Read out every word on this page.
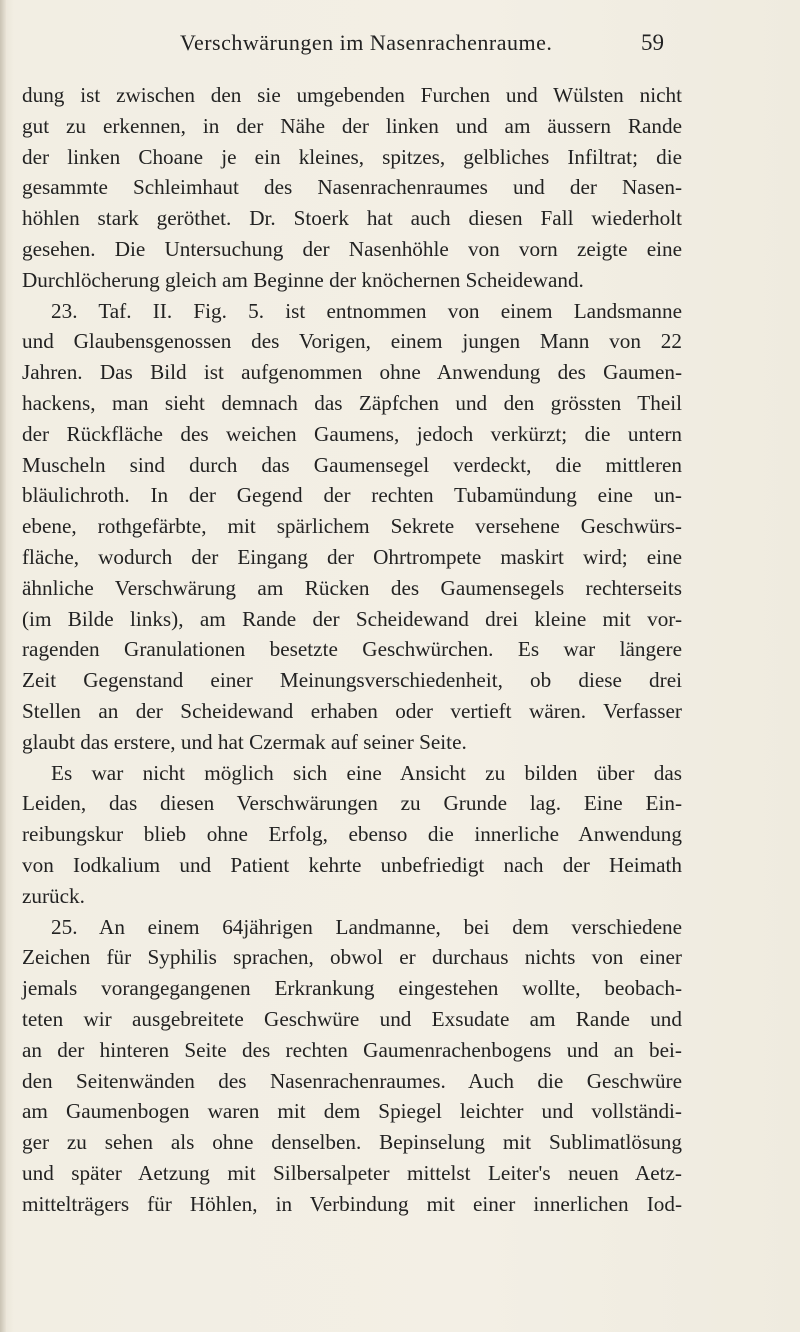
Verschwärungen im Nasenrachenraume.	59
dung ist zwischen den sie umgebenden Furchen und Wülsten nicht
gut zu erkennen, in der Nähe der linken und am äussern Rande
der linken Choane je ein kleines, spitzes, gelbliches Infiltrat; die
gesammte Schleimhaut des Nasenrachenraumes und der Nasen-
höhlen stark geröthet. Dr. Stoerk hat auch diesen Fall wiederholt
gesehen. Die Untersuchung der Nasenhöhle von vorn zeigte eine
Durchlöcherung gleich am Beginne der knöchernen Scheidewand.
23. Taf. II. Fig. 5. ist entnommen von einem Landsmanne
und Glaubensgenossen des Vorigen, einem jungen Mann von 22
Jahren. Das Bild ist aufgenommen ohne Anwendung des Gaumen-
hackens, man sieht demnach das Zäpfchen und den grössten Theil
der Rückfläche des weichen Gaumens, jedoch verkürzt; die untern
Muscheln sind durch das Gaumensegel verdeckt, die mittleren
bläulichroth. In der Gegend der rechten Tubamündung eine un-
ebene, rothgefärbte, mit spärlichem Sekrete versehene Geschwürs-
fläche, wodurch der Eingang der Ohrtrompete maskirt wird; eine
ähnliche Verschwärung am Rücken des Gaumensegels rechterseits
(im Bilde links), am Rande der Scheidewand drei kleine mit vor-
ragenden Granulationen besetzte Geschwürchen. Es war längere
Zeit Gegenstand einer Meinungsverschiedenheit, ob diese drei
Stellen an der Scheidewand erhaben oder vertieft wären. Verfasser
glaubt das erstere, und hat Czermak auf seiner Seite.
Es war nicht möglich sich eine Ansicht zu bilden über das
Leiden, das diesen Verschwärungen zu Grunde lag. Eine Ein-
reibungskur blieb ohne Erfolg, ebenso die innerliche Anwendung
von Iodkalium und Patient kehrte unbefriedigt nach der Heimath
zurück.
25. An einem 64jährigen Landmanne, bei dem verschiedene
Zeichen für Syphilis sprachen, obwol er durchaus nichts von einer
jemals vorangegangenen Erkrankung eingestehen wollte, beobach-
teten wir ausgebreitete Geschwüre und Exsudate am Rande und
an der hinteren Seite des rechten Gaumenrachenbogens und an bei-
den Seitenwänden des Nasenrachenraumes. Auch die Geschwüre
am Gaumenbogen waren mit dem Spiegel leichter und vollständi-
ger zu sehen als ohne denselben. Bepinselung mit Sublimatlösung
und später Aetzung mit Silbersalpeter mittelst Leiter's neuen Aetz-
mittelträgers für Höhlen, in Verbindung mit einer innerlichen Iod-
